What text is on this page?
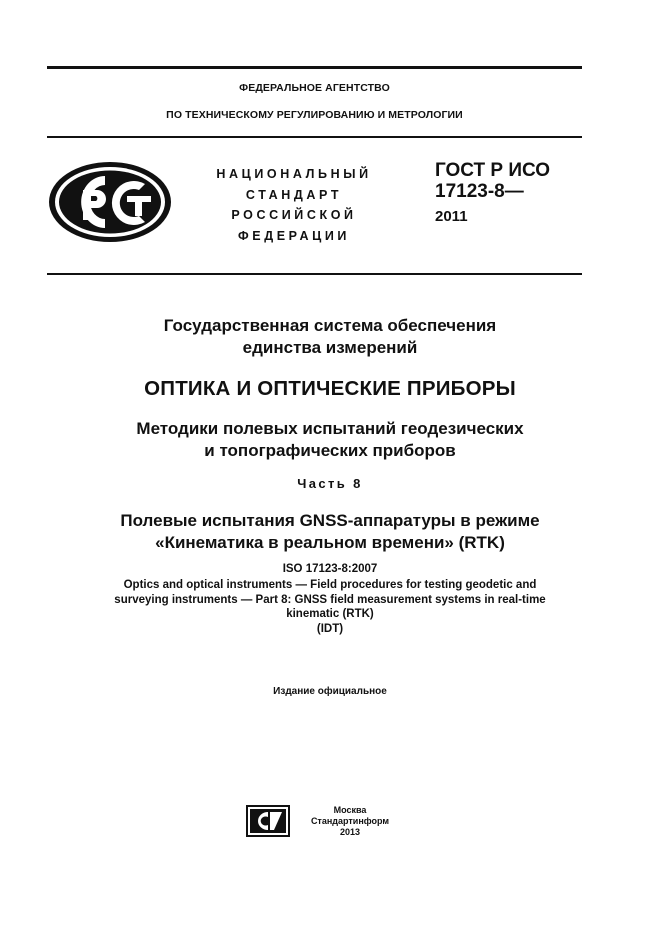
ФЕДЕРАЛЬНОЕ АГЕНТСТВО
ПО ТЕХНИЧЕСКОМУ РЕГУЛИРОВАНИЮ И МЕТРОЛОГИИ
НАЦИОНАЛЬНЫЙ
СТАНДАРТ
РОССИЙСКОЙ
ФЕДЕРАЦИИ
ГОСТ Р ИСО
17123-8—
2011
Государственная система обеспечения
единства измерений
ОПТИКА И ОПТИЧЕСКИЕ ПРИБОРЫ
Методики полевых испытаний геодезических
и топографических приборов
Часть 8
Полевые испытания GNSS-аппаратуры в режиме
«Кинематика в реальном времени» (RTK)
ISO 17123-8:2007
Optics and optical instruments — Field procedures for testing geodetic and
surveying instruments — Part 8: GNSS field measurement systems in real-time
kinematic (RTK)
(IDT)
Издание официальное
Москва
Стандартинформ
2013
